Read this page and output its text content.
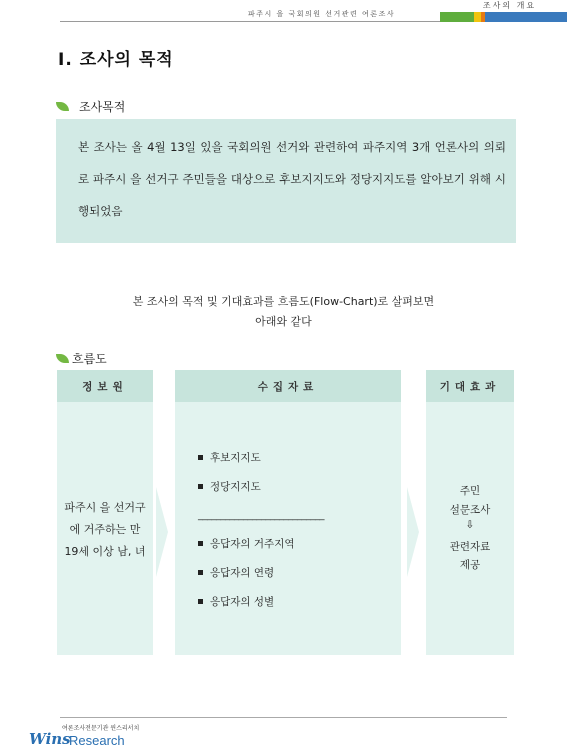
조사의 개요
파주시 을 국회의원 선거관련 여론조사
Ⅰ. 조사의 목적
조사목적
본 조사는 올 4월 13일 있을 국회의원 선거와 관련하여 파주지역 3개 언론사의 의뢰로 파주시 을 선거구 주민들을 대상으로 후보지지도와 정당지지도를 알아보기 위해 시행되었음
본 조사의 목적 및 기대효과를 흐름도(Flow-Chart)로 살펴보면
아래와 같다
흐름도
정보원	수집자료	기대효과
파주시 을 선거구
에 거주하는 만
19세 이상 남, 녀
후보지지도
정당지지도
____________________________
응답자의 거주지역
응답자의 연령
응답자의 성별
주민
설문조사
⇩
관련자료
제공
여론조사전문기관 윈스리서치
Wins
Research
